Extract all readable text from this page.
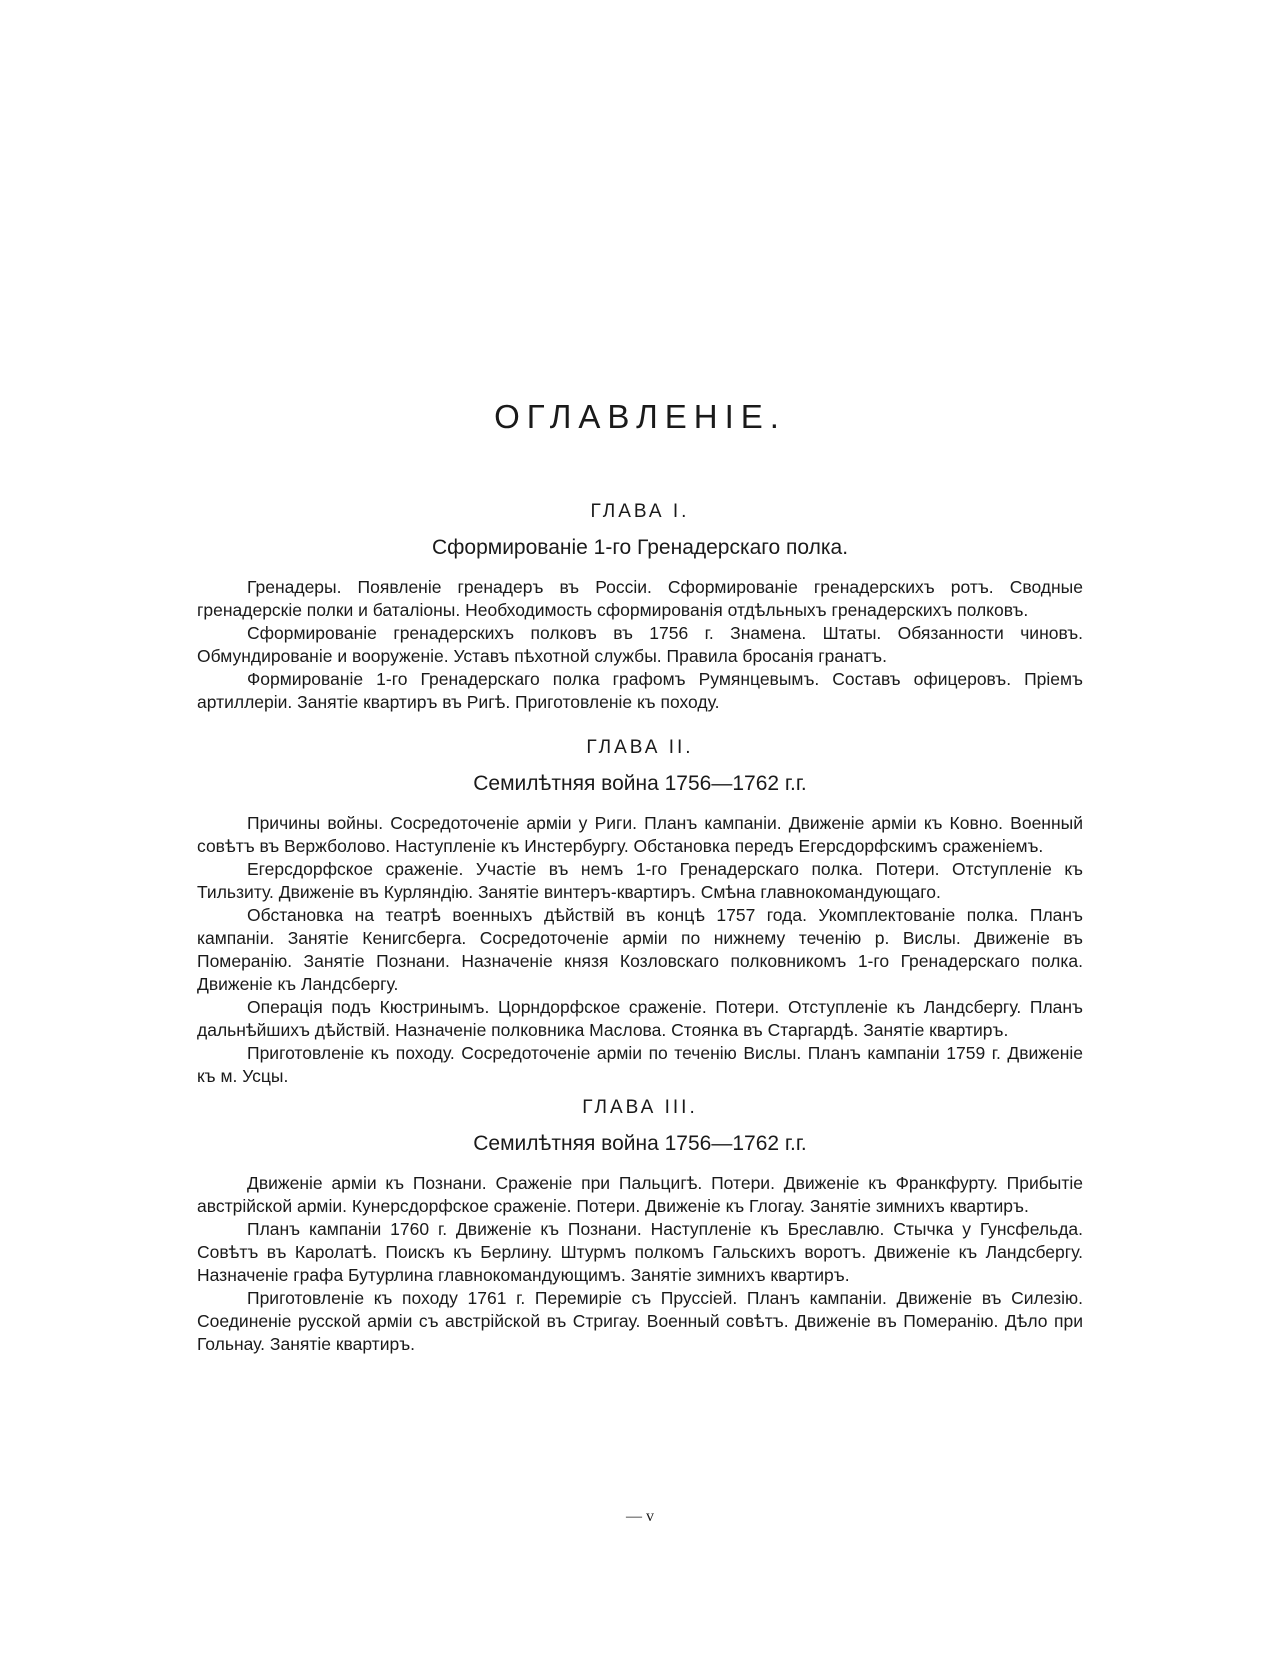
ОГЛАВЛЕНІЕ.
ГЛАВА I.
Сформированіе 1-го Гренадерскаго полка.

Гренадеры. Появленіе гренадеръ въ Россіи. Сформированіе гренадерскихъ ротъ. Сводные гренадерскіе полки и баталіоны. Необходимость сформированія отдѣльныхъ гренадерскихъ полковъ.

Сформированіе гренадерскихъ полковъ въ 1756 г. Знамена. Штаты. Обязанности чиновъ. Обмундированіе и вооруженіе. Уставъ пѣхотной службы. Правила бросанія гранатъ.

Формированіе 1-го Гренадерскаго полка графомъ Румянцевымъ. Составъ офицеровъ. Пріемъ артиллеріи. Занятіе квартиръ въ Ригѣ. Приготовленіе къ походу.

ГЛАВА II.
Семилѣтняя война 1756—1762 г.г.

Причины войны. Сосредоточеніе арміи у Риги. Планъ кампаніи. Движеніе арміи къ Ковно. Военный совѣтъ въ Вержболово. Наступленіе къ Инстербургу. Обстановка передъ Егерсдорфскимъ сраженіемъ.

Егерсдорфское сраженіе. Участіе въ немъ 1-го Гренадерскаго полка. Потери. Отступленіе къ Тильзиту. Движеніе въ Курляндію. Занятіе винтеръ-квартиръ. Смѣна главнокомандующаго.

Обстановка на театрѣ военныхъ дѣйствій въ концѣ 1757 года. Укомплектованіе полка. Планъ кампаніи. Занятіе Кенигсберга. Сосредоточеніе арміи по нижнему теченію р. Вислы. Движеніе въ Померанію. Занятіе Познани. Назначеніе князя Козловскаго полковникомъ 1-го Гренадерскаго полка. Движеніе къ Ландсбергу.

Операція подъ Кюстринымъ. Цорндорфское сраженіе. Потери. Отступленіе къ Ландсбергу. Планъ дальнѣйшихъ дѣйствій. Назначеніе полковника Маслова. Стоянка въ Старгардѣ. Занятіе квартиръ.

Приготовленіе къ походу. Сосредоточеніе арміи по теченію Вислы. Планъ кампаніи 1759 г. Движеніе къ м. Усцы.

ГЛАВА III.
Семилѣтняя война 1756—1762 г.г.

Движеніе арміи къ Познани. Сраженіе при Пальцигѣ. Потери. Движеніе къ Франкфурту. Прибытіе австрійской арміи. Кунерсдорфское сраженіе. Потери. Движеніе къ Глогау. Занятіе зимнихъ квартиръ.

Планъ кампаніи 1760 г. Движеніе къ Познани. Наступленіе къ Бреславлю. Стычка у Гунсфельда. Совѣтъ въ Каролатѣ. Поискъ къ Берлину. Штурмъ полкомъ Гальскихъ воротъ. Движеніе къ Ландсбергу. Назначеніе графа Бутурлина главнокомандующимъ. Занятіе зимнихъ квартиръ.

Приготовленіе къ походу 1761 г. Перемиріе съ Пруссіей. Планъ кампаніи. Движеніе въ Силезію. Соединеніе русской арміи съ австрійской въ Стригау. Военный совѣтъ. Движеніе въ Померанію. Дѣло при Гольнау. Занятіе квартиръ.

— v
